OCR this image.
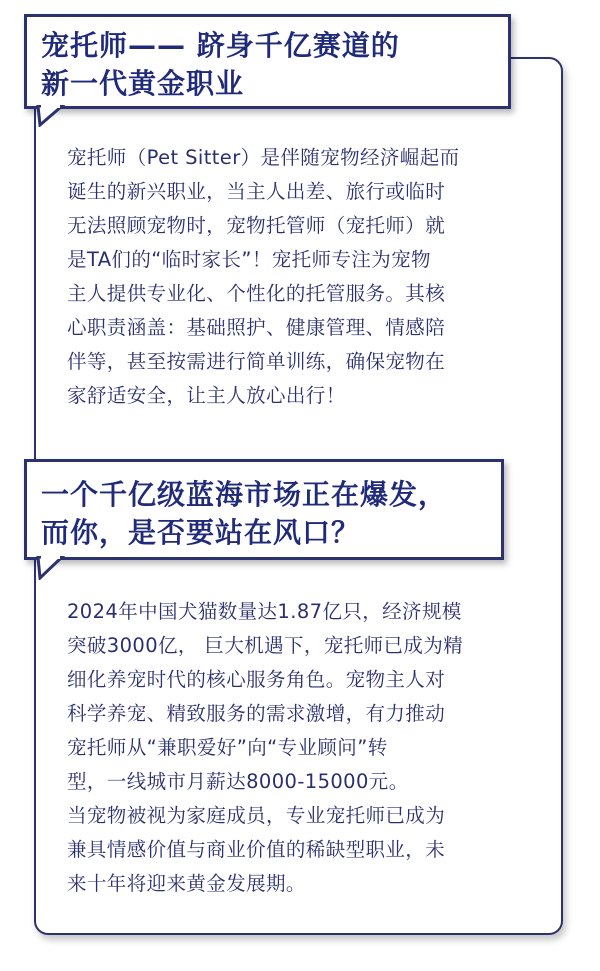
宠托师—— 跻身千亿赛道的
新一代黄金职业
宠托师（Pet Sitter）是伴随宠物经济崛起而
诞生的新兴职业，当主人出差、旅行或临时
无法照顾宠物时，宠物托管师（宠托师）就
是TA们的“临时家长”！宠托师专注为宠物
主人提供专业化、个性化的托管服务。其核
心职责涵盖：基础照护、健康管理、情感陪
伴等，甚至按需进行简单训练，确保宠物在
家舒适安全，让主人放心出行！
一个千亿级蓝海市场正在爆发，
而你，是否要站在风口？
2024年中国犬猫数量达1.87亿只，经济规模
突破3000亿， 巨大机遇下，宠托师已成为精
细化养宠时代的核心服务角色。宠物主人对
科学养宠、精致服务的需求激增，有力推动
宠托师从“兼职爱好”向“专业顾问”转
型，一线城市月薪达8000-15000元。
当宠物被视为家庭成员，专业宠托师已成为
兼具情感价值与商业价值的稀缺型职业，未
来十年将迎来黄金发展期。
